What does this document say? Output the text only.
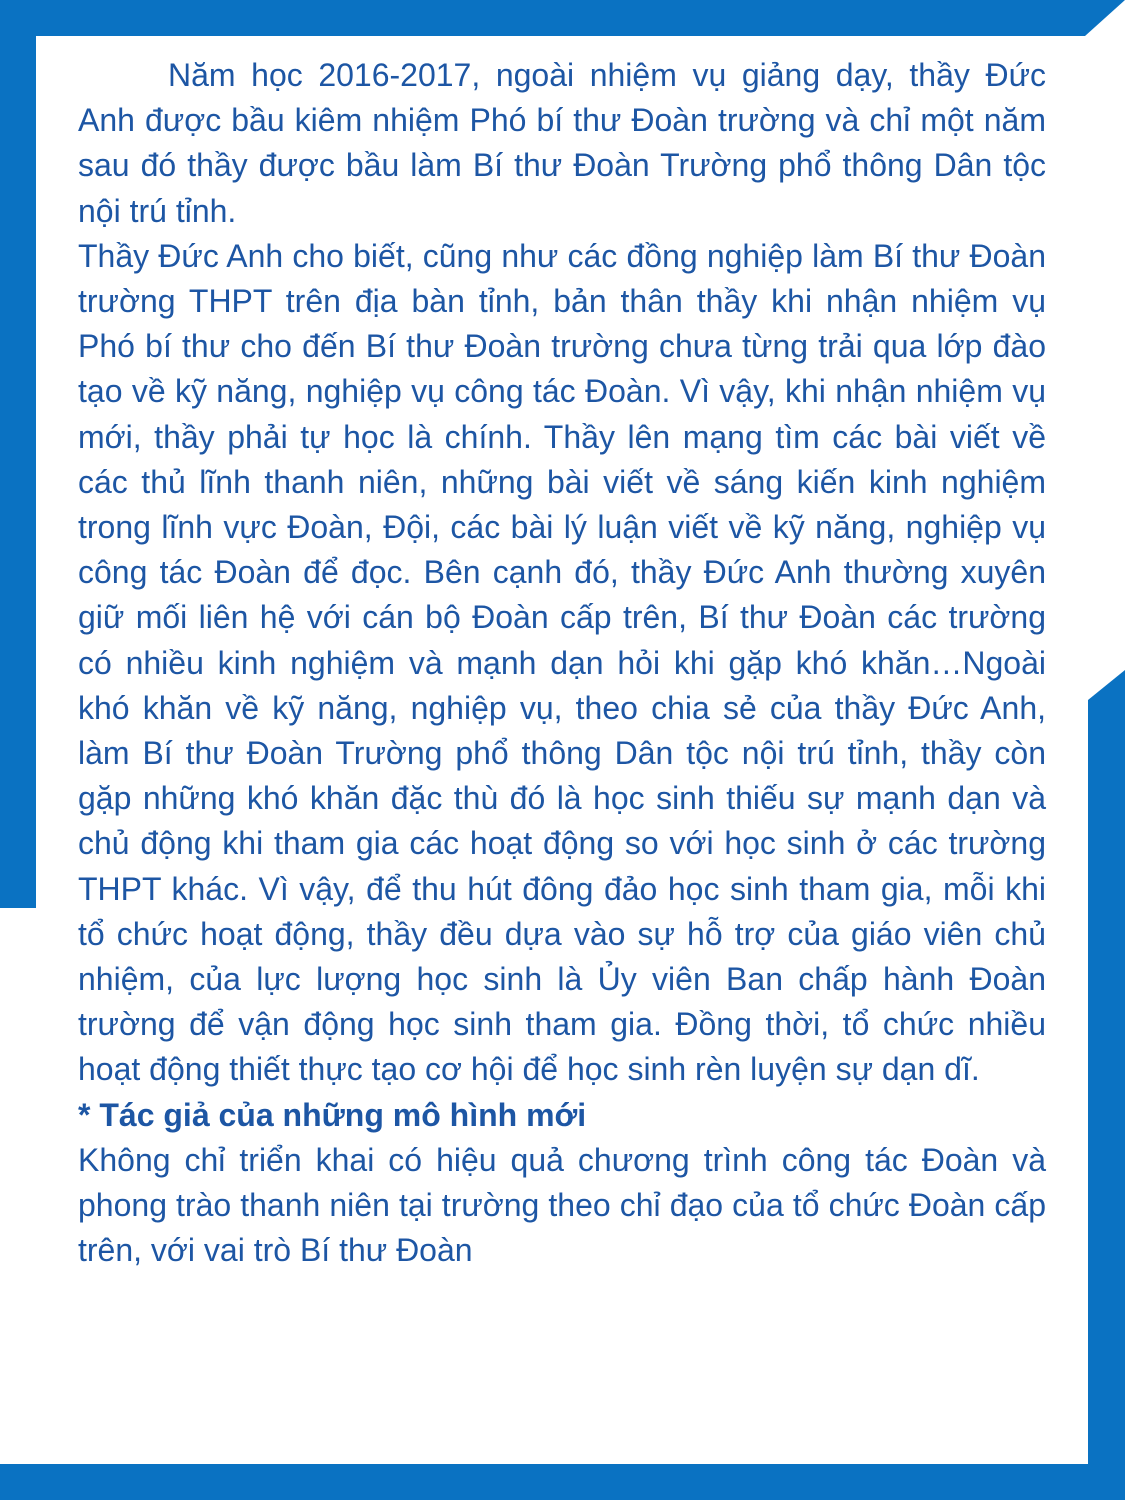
Năm học 2016-2017, ngoài nhiệm vụ giảng dạy, thầy Đức Anh được bầu kiêm nhiệm Phó bí thư Đoàn trường và chỉ một năm sau đó thầy được bầu làm Bí thư Đoàn Trường phổ thông Dân tộc nội trú tỉnh.

Thầy Đức Anh cho biết, cũng như các đồng nghiệp làm Bí thư Đoàn trường THPT trên địa bàn tỉnh, bản thân thầy khi nhận nhiệm vụ Phó bí thư cho đến Bí thư Đoàn trường chưa từng trải qua lớp đào tạo về kỹ năng, nghiệp vụ công tác Đoàn. Vì vậy, khi nhận nhiệm vụ mới, thầy phải tự học là chính. Thầy lên mạng tìm các bài viết về các thủ lĩnh thanh niên, những bài viết về sáng kiến kinh nghiệm trong lĩnh vực Đoàn, Đội, các bài lý luận viết về kỹ năng, nghiệp vụ công tác Đoàn để đọc. Bên cạnh đó, thầy Đức Anh thường xuyên giữ mối liên hệ với cán bộ Đoàn cấp trên, Bí thư Đoàn các trường có nhiều kinh nghiệm và mạnh dạn hỏi khi gặp khó khăn…Ngoài khó khăn về kỹ năng, nghiệp vụ, theo chia sẻ của thầy Đức Anh, làm Bí thư Đoàn Trường phổ thông Dân tộc nội trú tỉnh, thầy còn gặp những khó khăn đặc thù đó là học sinh thiếu sự mạnh dạn và chủ động khi tham gia các hoạt động so với học sinh ở các trường THPT khác. Vì vậy, để thu hút đông đảo học sinh tham gia, mỗi khi tổ chức hoạt động, thầy đều dựa vào sự hỗ trợ của giáo viên chủ nhiệm, của lực lượng học sinh là Ủy viên Ban chấp hành Đoàn trường để vận động học sinh tham gia. Đồng thời, tổ chức nhiều hoạt động thiết thực tạo cơ hội để học sinh rèn luyện sự dạn dĩ.

* Tác giả của những mô hình mới

Không chỉ triển khai có hiệu quả chương trình công tác Đoàn và phong trào thanh niên tại trường theo chỉ đạo của tổ chức Đoàn cấp trên, với vai trò Bí thư Đoàn
